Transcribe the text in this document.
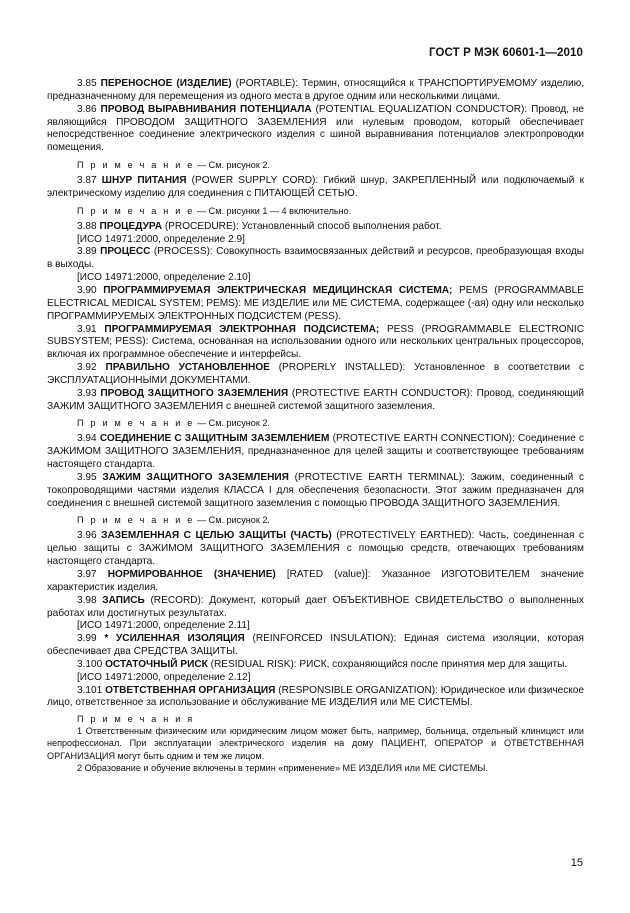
ГОСТ Р МЭК 60601-1—2010

3.85 ПЕРЕНОСНОЕ (ИЗДЕЛИЕ) (PORTABLE): Термин, относящийся к ТРАНСПОРТИРУЕМОМУ изделию, предназначенному для перемещения из одного места в другое одним или несколькими лицами.

3.86 ПРОВОД ВЫРАВНИВАНИЯ ПОТЕНЦИАЛА (POTENTIAL EQUALIZATION CONDUCTOR): Провод, не являющийся ПРОВОДОМ ЗАЩИТНОГО ЗАЗЕМЛЕНИЯ или нулевым проводом, который обеспечивает непосредственное соединение электрического изделия с шиной выравнивания потенциалов электропроводки помещения.

П р и м е ч а н и е — См. рисунок 2.

3.87 ШНУР ПИТАНИЯ (POWER SUPPLY CORD): Гибкий шнур, ЗАКРЕПЛЕННЫЙ или подключаемый к электрическому изделию для соединения с ПИТАЮЩЕЙ СЕТЬЮ.

П р и м е ч а н и е — См. рисунки 1 — 4 включительно.

3.88 ПРОЦЕДУРА (PROCEDURE): Установленный способ выполнения работ.

[ИСО 14971:2000, определение 2.9]

3.89 ПРОЦЕСС (PROCESS): Совокупность взаимосвязанных действий и ресурсов, преобразующая входы в выходы.

[ИСО 14971:2000, определение 2.10]

3.90 ПРОГРАММИРУЕМАЯ ЭЛЕКТРИЧЕСКАЯ МЕДИЦИНСКАЯ СИСТЕМА; PEMS (PROGRAMMABLE ELECTRICAL MEDICAL SYSTEM; PEMS): МЕ ИЗДЕЛИЕ или МЕ СИСТЕМА, содержащее (-ая) одну или несколько ПРОГРАММИРУЕМЫХ ЭЛЕКТРОННЫХ ПОДСИСТЕМ (PESS).

3.91 ПРОГРАММИРУЕМАЯ ЭЛЕКТРОННАЯ ПОДСИСТЕМА; PESS (PROGRAMMABLE ELECTRONIC SUBSYSTEM; PESS): Система, основанная на использовании одного или нескольких центральных процессоров, включая их программное обеспечение и интерфейсы.

3.92 ПРАВИЛЬНО УСТАНОВЛЕННОЕ (PROPERLY INSTALLED): Установленное в соответствии с ЭКСПЛУАТАЦИОННЫМИ ДОКУМЕНТАМИ.

3.93 ПРОВОД ЗАЩИТНОГО ЗАЗЕМЛЕНИЯ (PROTECTIVE EARTH CONDUCTOR): Провод, соединяющий ЗАЖИМ ЗАЩИТНОГО ЗАЗЕМЛЕНИЯ с внешней системой защитного заземления.

П р и м е ч а н и е — См. рисунок 2.

3.94 СОЕДИНЕНИЕ С ЗАЩИТНЫМ ЗАЗЕМЛЕНИЕМ (PROTECTIVE EARTH CONNECTION): Соединение с ЗАЖИМОМ ЗАЩИТНОГО ЗАЗЕМЛЕНИЯ, предназначенное для целей защиты и соответствующее требованиям настоящего стандарта.

3.95 ЗАЖИМ ЗАЩИТНОГО ЗАЗЕМЛЕНИЯ (PROTECTIVE EARTH TERMINAL): Зажим, соединенный с токопроводящими частями изделия КЛАССА I для обеспечения безопасности. Этот зажим предназначен для соединения с внешней системой защитного заземления с помощью ПРОВОДА ЗАЩИТНОГО ЗАЗЕМЛЕНИЯ.

П р и м е ч а н и е — См. рисунок 2.

3.96 ЗАЗЕМЛЕННАЯ С ЦЕЛЬЮ ЗАЩИТЫ (ЧАСТЬ) (PROTECTIVELY EARTHED): Часть, соединенная с целью защиты с ЗАЖИМОМ ЗАЩИТНОГО ЗАЗЕМЛЕНИЯ с помощью средств, отвечающих требованиям настоящего стандарта.

3.97 НОРМИРОВАННОЕ (ЗНАЧЕНИЕ) [RATED (value)]: Указанное ИЗГОТОВИТЕЛЕМ значение характеристик изделия.

3.98 ЗАПИСЬ (RECORD): Документ, который дает ОБЪЕКТИВНОЕ СВИДЕТЕЛЬСТВО о выполненных работах или достигнутых результатах.

[ИСО 14971:2000, определение 2.11]

3.99 * УСИЛЕННАЯ ИЗОЛЯЦИЯ (REINFORCED INSULATION): Единая система изоляции, которая обеспечивает два СРЕДСТВА ЗАЩИТЫ.

3.100 ОСТАТОЧНЫЙ РИСК (RESIDUAL RISK): РИСК, сохраняющийся после принятия мер для защиты.

[ИСО 14971:2000, определение 2.12]

3.101 ОТВЕТСТВЕННАЯ ОРГАНИЗАЦИЯ (RESPONSIBLE ORGANIZATION): Юридическое или физическое лицо, ответственное за использование и обслуживание МЕ ИЗДЕЛИЯ или МЕ СИСТЕМЫ.

П р и м е ч а н и я

1 Ответственным физическим или юридическим лицом может быть, например, больница, отдельный клиницист или непрофессионал. При эксплуатации электрического изделия на дому ПАЦИЕНТ, ОПЕРАТОР и ОТВЕТСТВЕННАЯ ОРГАНИЗАЦИЯ могут быть одним и тем же лицом.

2 Образование и обучение включены в термин «применение» МЕ ИЗДЕЛИЯ или МЕ СИСТЕМЫ.

15
